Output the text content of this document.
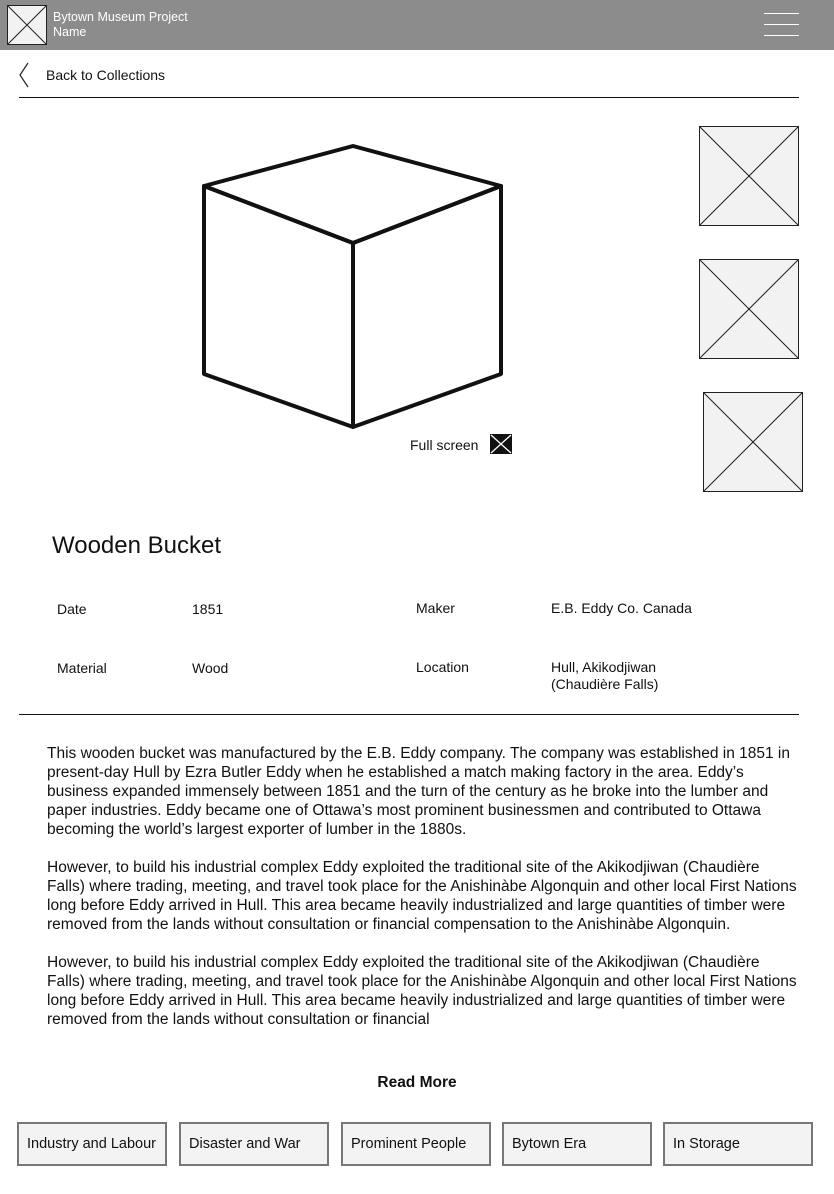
Bytown Museum Project Name
Back to Collections
Full screen
Wooden Bucket
Date	1851	Maker	E.B. Eddy Co. Canada
Material	Wood	Location	Hull, Akikodjiwan (Chaudière Falls)

This wooden bucket was manufactured by the E.B. Eddy company. The company was established in 1851 in present-day Hull by Ezra Butler Eddy when he established a match making factory in the area. Eddy’s business expanded immensely between 1851 and the turn of the century as he broke into the lumber and paper industries. Eddy became one of Ottawa’s most prominent businessmen and contributed to Ottawa becoming the world’s largest exporter of lumber in the 1880s.

However, to build his industrial complex Eddy exploited the traditional site of the Akikodjiwan (Chaudière Falls) where trading, meeting, and travel took place for the Anishinàbe Algonquin and other local First Nations long before Eddy arrived in Hull. This area became heavily industrialized and large quantities of timber were removed from the lands without consultation or financial compensation to the Anishinàbe Algonquin.

However, to build his industrial complex Eddy exploited the traditional site of the Akikodjiwan (Chaudière Falls) where trading, meeting, and travel took place for the Anishinàbe Algonquin and other local First Nations long before Eddy arrived in Hull. This area became heavily industrialized and large quantities of timber were removed from the lands without consultation or financial

Read More
Industry and Labour	Disaster and War	Prominent People	Bytown Era	In Storage
